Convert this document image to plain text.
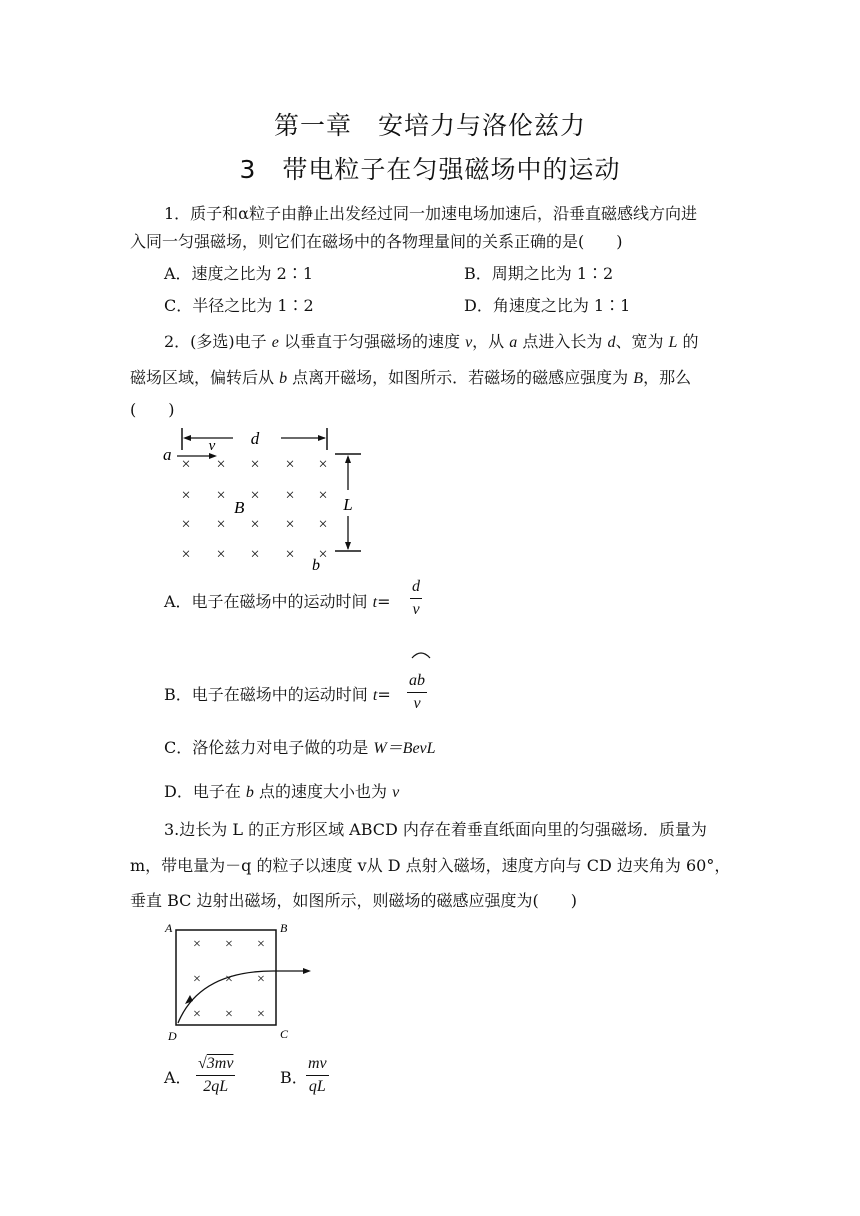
第一章　安培力与洛伦兹力
3　带电粒子在匀强磁场中的运动
1．质子和α粒子由静止出发经过同一加速电场加速后，沿垂直磁感线方向进
入同一匀强磁场，则它们在磁场中的各物理量间的关系正确的是(　　)
A．速度之比为 2∶1	B．周期之比为 1∶2
C．半径之比为 1∶2	D．角速度之比为 1∶1
2．(多选)电子 e 以垂直于匀强磁场的速度 v，从 a 点进入长为 d、宽为 L 的
磁场区域，偏转后从 b 点离开磁场，如图所示．若磁场的磁感应强度为 B，那么
(　　)
d
v
a
× × × × ×
× × × × ×
× × × × ×
× × × × ×
B
b
L
A．电子在磁场中的运动时间 t=
d
v
B．电子在磁场中的运动时间 t=
ab
v
C．洛伦兹力对电子做的功是 W＝BevL
D．电子在 b 点的速度大小也为 v
3.边长为 L 的正方形区域 ABCD 内存在着垂直纸面向里的匀强磁场．质量为
m，带电量为－q 的粒子以速度 v从 D 点射入磁场，速度方向与 CD 边夹角为 60°，
垂直 BC 边射出磁场，如图所示，则磁场的磁感应强度为(　　)
A	B
C
D
× × ×
× × ×
× × ×
A．
√3mv
2qL	B．
mv
qL
